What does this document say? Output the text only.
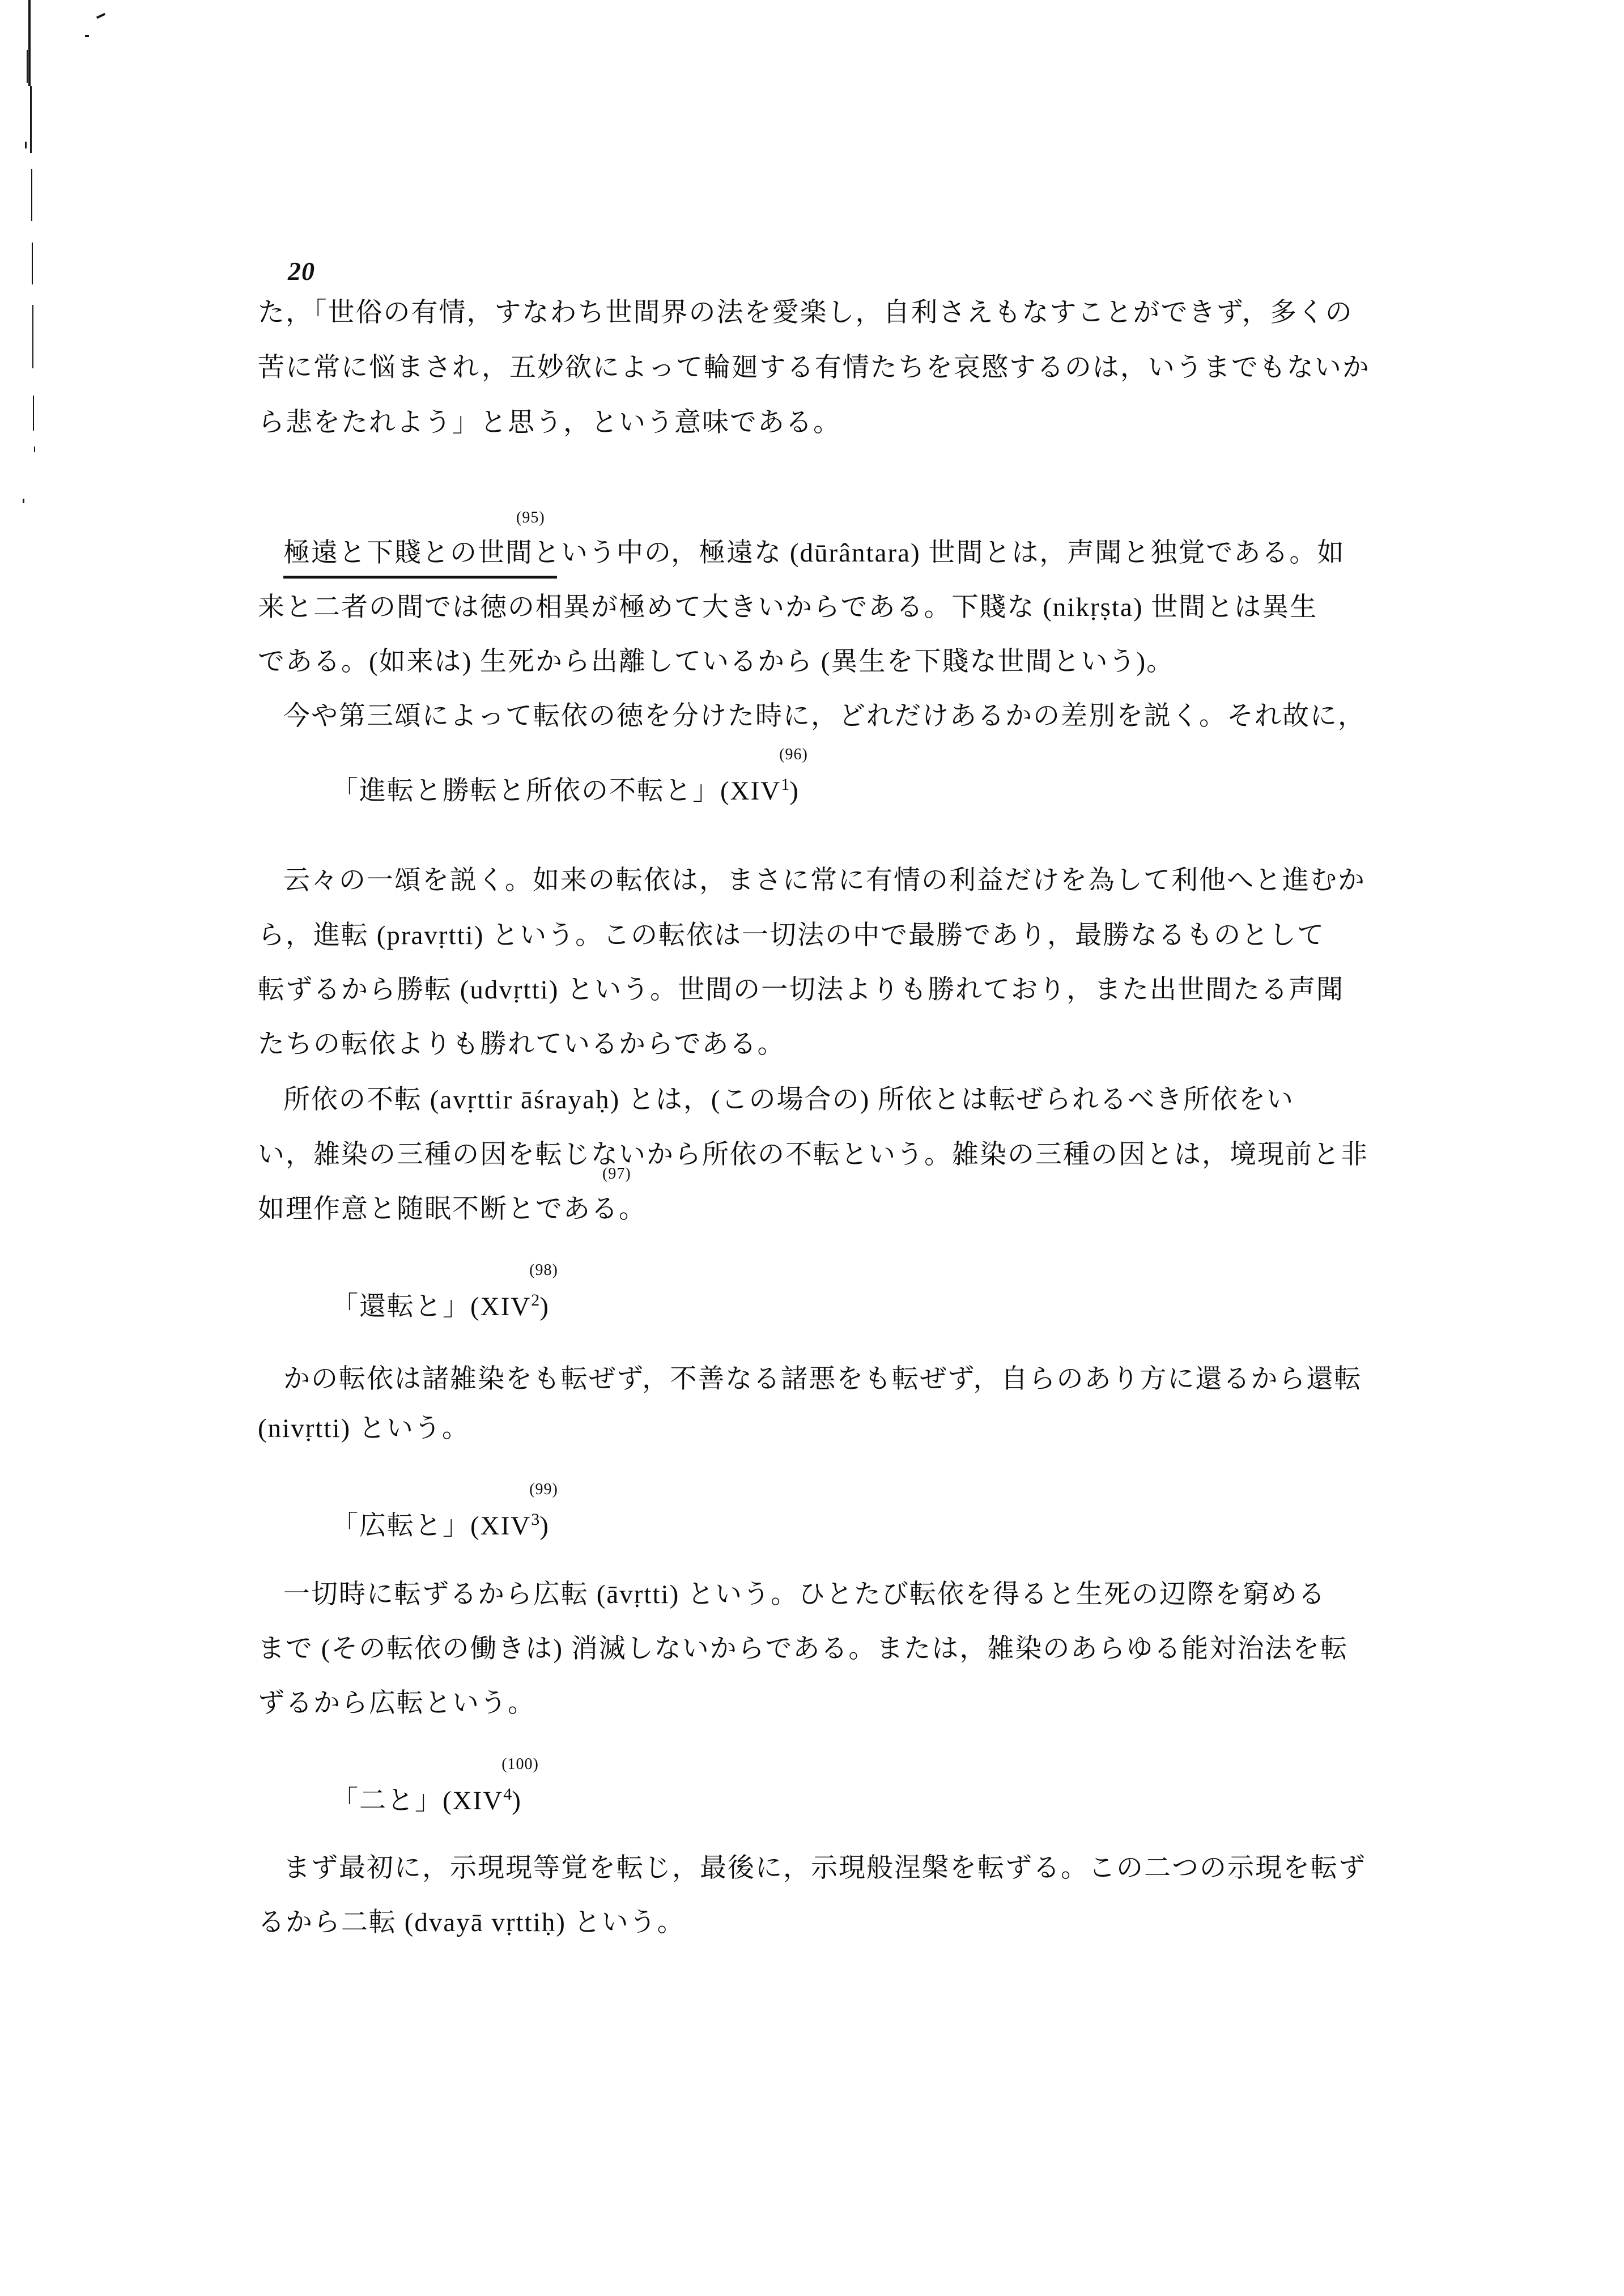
20
た，「世俗の有情，すなわち世間界の法を愛楽し，自利さえもなすことができず，多くの
苦に常に悩まされ，五妙欲によって輪廻する有情たちを哀愍するのは，いうまでもないか
ら悲をたれよう」と思う，という意味である。
極遠と下賤との世間
(95)
という中の，極遠な (dūrântara) 世間とは，声聞と独覚である。如
来と二者の間では徳の相異が極めて大きいからである。下賤な (nikṛṣta) 世間とは異生
である。(如来は) 生死から出離しているから (異生を下賤な世間という)。
今や第三頌によって転依の徳を分けた時に，どれだけあるかの差別を説く。それ故に，
「進転と勝転と所依の不転と」(XIV$^1$
(96)
)
云々の一頌を説く。如来の転依は，まさに常に有情の利益だけを為して利他へと進むか
ら，進転 (pravṛtti) という。この転依は一切法の中で最勝であり，最勝なるものとして
転ずるから勝転 (udvṛtti) という。世間の一切法よりも勝れており，また出世間たる声聞
たちの転依よりも勝れているからである。
所依の不転 (avṛttir āśrayaḥ) とは，(この場合の) 所依とは転ぜられるべき所依をい
い，雑染の三種の因を転じないから所依の不転という。雑染の三種の因とは，境現前と非
如理作意と随眠不断とである。
(97)
「還転と」(XIV$^2$
(98)
)
かの転依は諸雑染をも転ぜず，不善なる諸悪をも転ぜず，自らのあり方に還るから還転
(nivṛtti) という。
「広転と」(XIV$^3$
(99)
)
一切時に転ずるから広転 (āvṛtti) という。ひとたび転依を得ると生死の辺際を窮める
まで (その転依の働きは) 消滅しないからである。または，雑染のあらゆる能対治法を転
ずるから広転という。
「二と」(XIV$^4$
(100)
)
まず最初に，示現現等覚を転じ，最後に，示現般涅槃を転ずる。この二つの示現を転ず
るから二転 (dvayā vṛttiḥ) という。
